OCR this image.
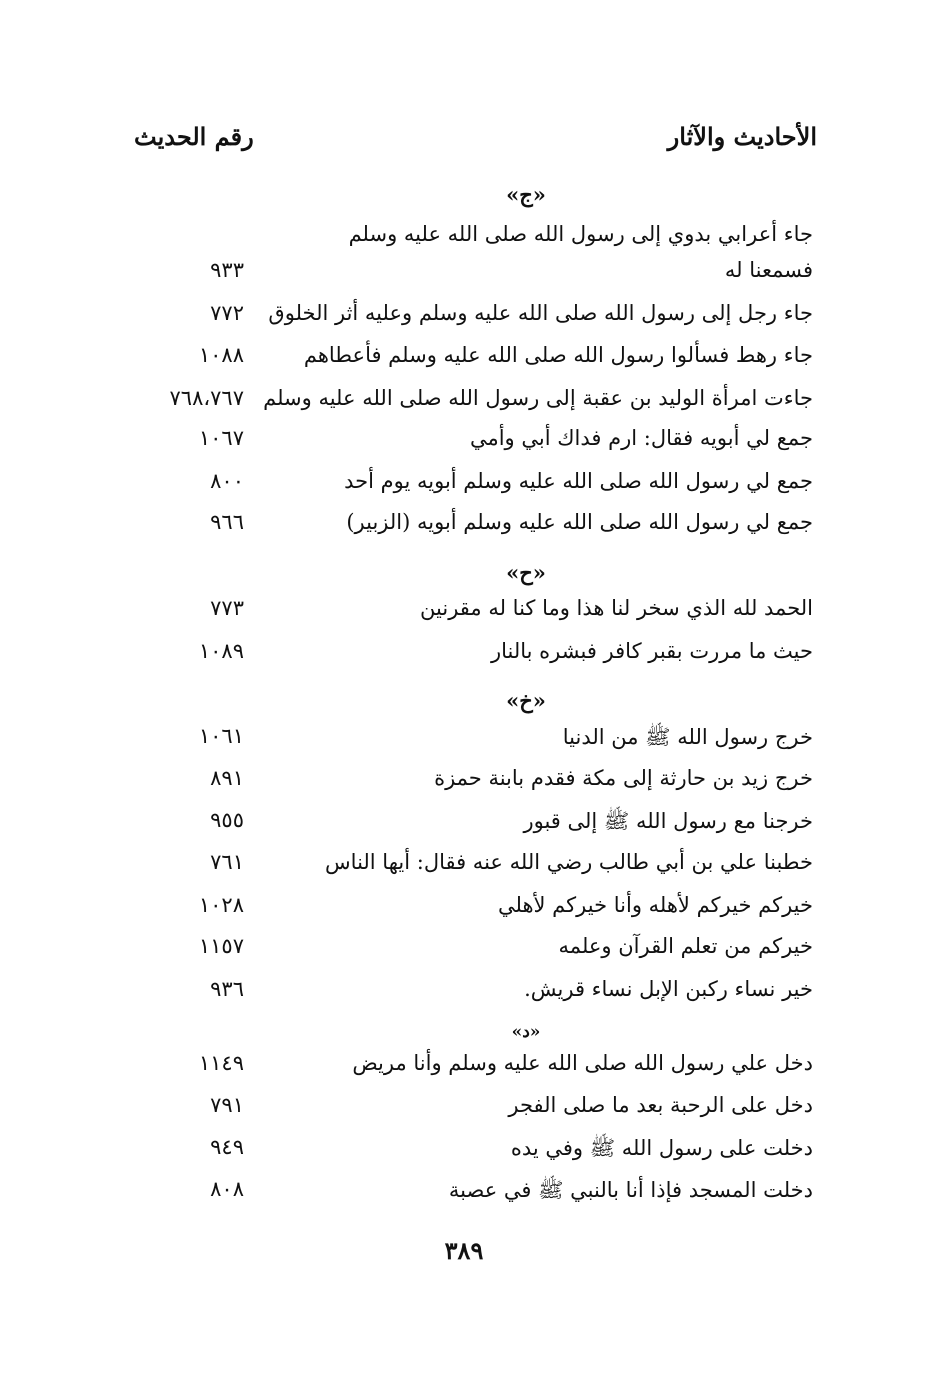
الأحاديث والآثار
رقم الحديث
«ج»
جاء أعرابي بدوي إلى رسول الله صلى الله عليه وسلم
فسمعنا له
٩٣٣
جاء رجل إلى رسول الله صلى الله عليه وسلم وعليه أثر الخلوق
٧٧٢
جاء رهط فسألوا رسول الله صلى الله عليه وسلم فأعطاهم
١٠٨٨
جاءت امرأة الوليد بن عقبة إلى رسول الله صلى الله عليه وسلم
٧٦٨،٧٦٧
جمع لي أبويه فقال: ارم فداك أبي وأمي
١٠٦٧
جمع لي رسول الله صلى الله عليه وسلم أبويه يوم أحد
٨٠٠
جمع لي رسول الله صلى الله عليه وسلم أبويه (الزبير)
٩٦٦
«ح»
الحمد لله الذي سخر لنا هذا وما كنا له مقرنين
٧٧٣
حيث ما مررت بقبر كافر فبشره بالنار
١٠٨٩
«خ»
خرج رسول الله ﷺ من الدنيا
١٠٦١
خرج زيد بن حارثة إلى مكة فقدم بابنة حمزة
٨٩١
خرجنا مع رسول الله ﷺ إلى قبور
٩٥٥
خطبنا علي بن أبي طالب رضي الله عنه فقال: أيها الناس
٧٦١
خيركم خيركم لأهله وأنا خيركم لأهلي
١٠٢٨
خيركم من تعلم القرآن وعلمه
١١٥٧
خير نساء ركبن الإبل نساء قريش.
٩٣٦
«د»
دخل علي رسول الله صلى الله عليه وسلم وأنا مريض
١١٤٩
دخل على الرحبة بعد ما صلى الفجر
٧٩١
دخلت على رسول الله ﷺ وفي يده
٩٤٩
دخلت المسجد فإذا أنا بالنبي ﷺ في عصبة
٨٠٨
٣٨٩
